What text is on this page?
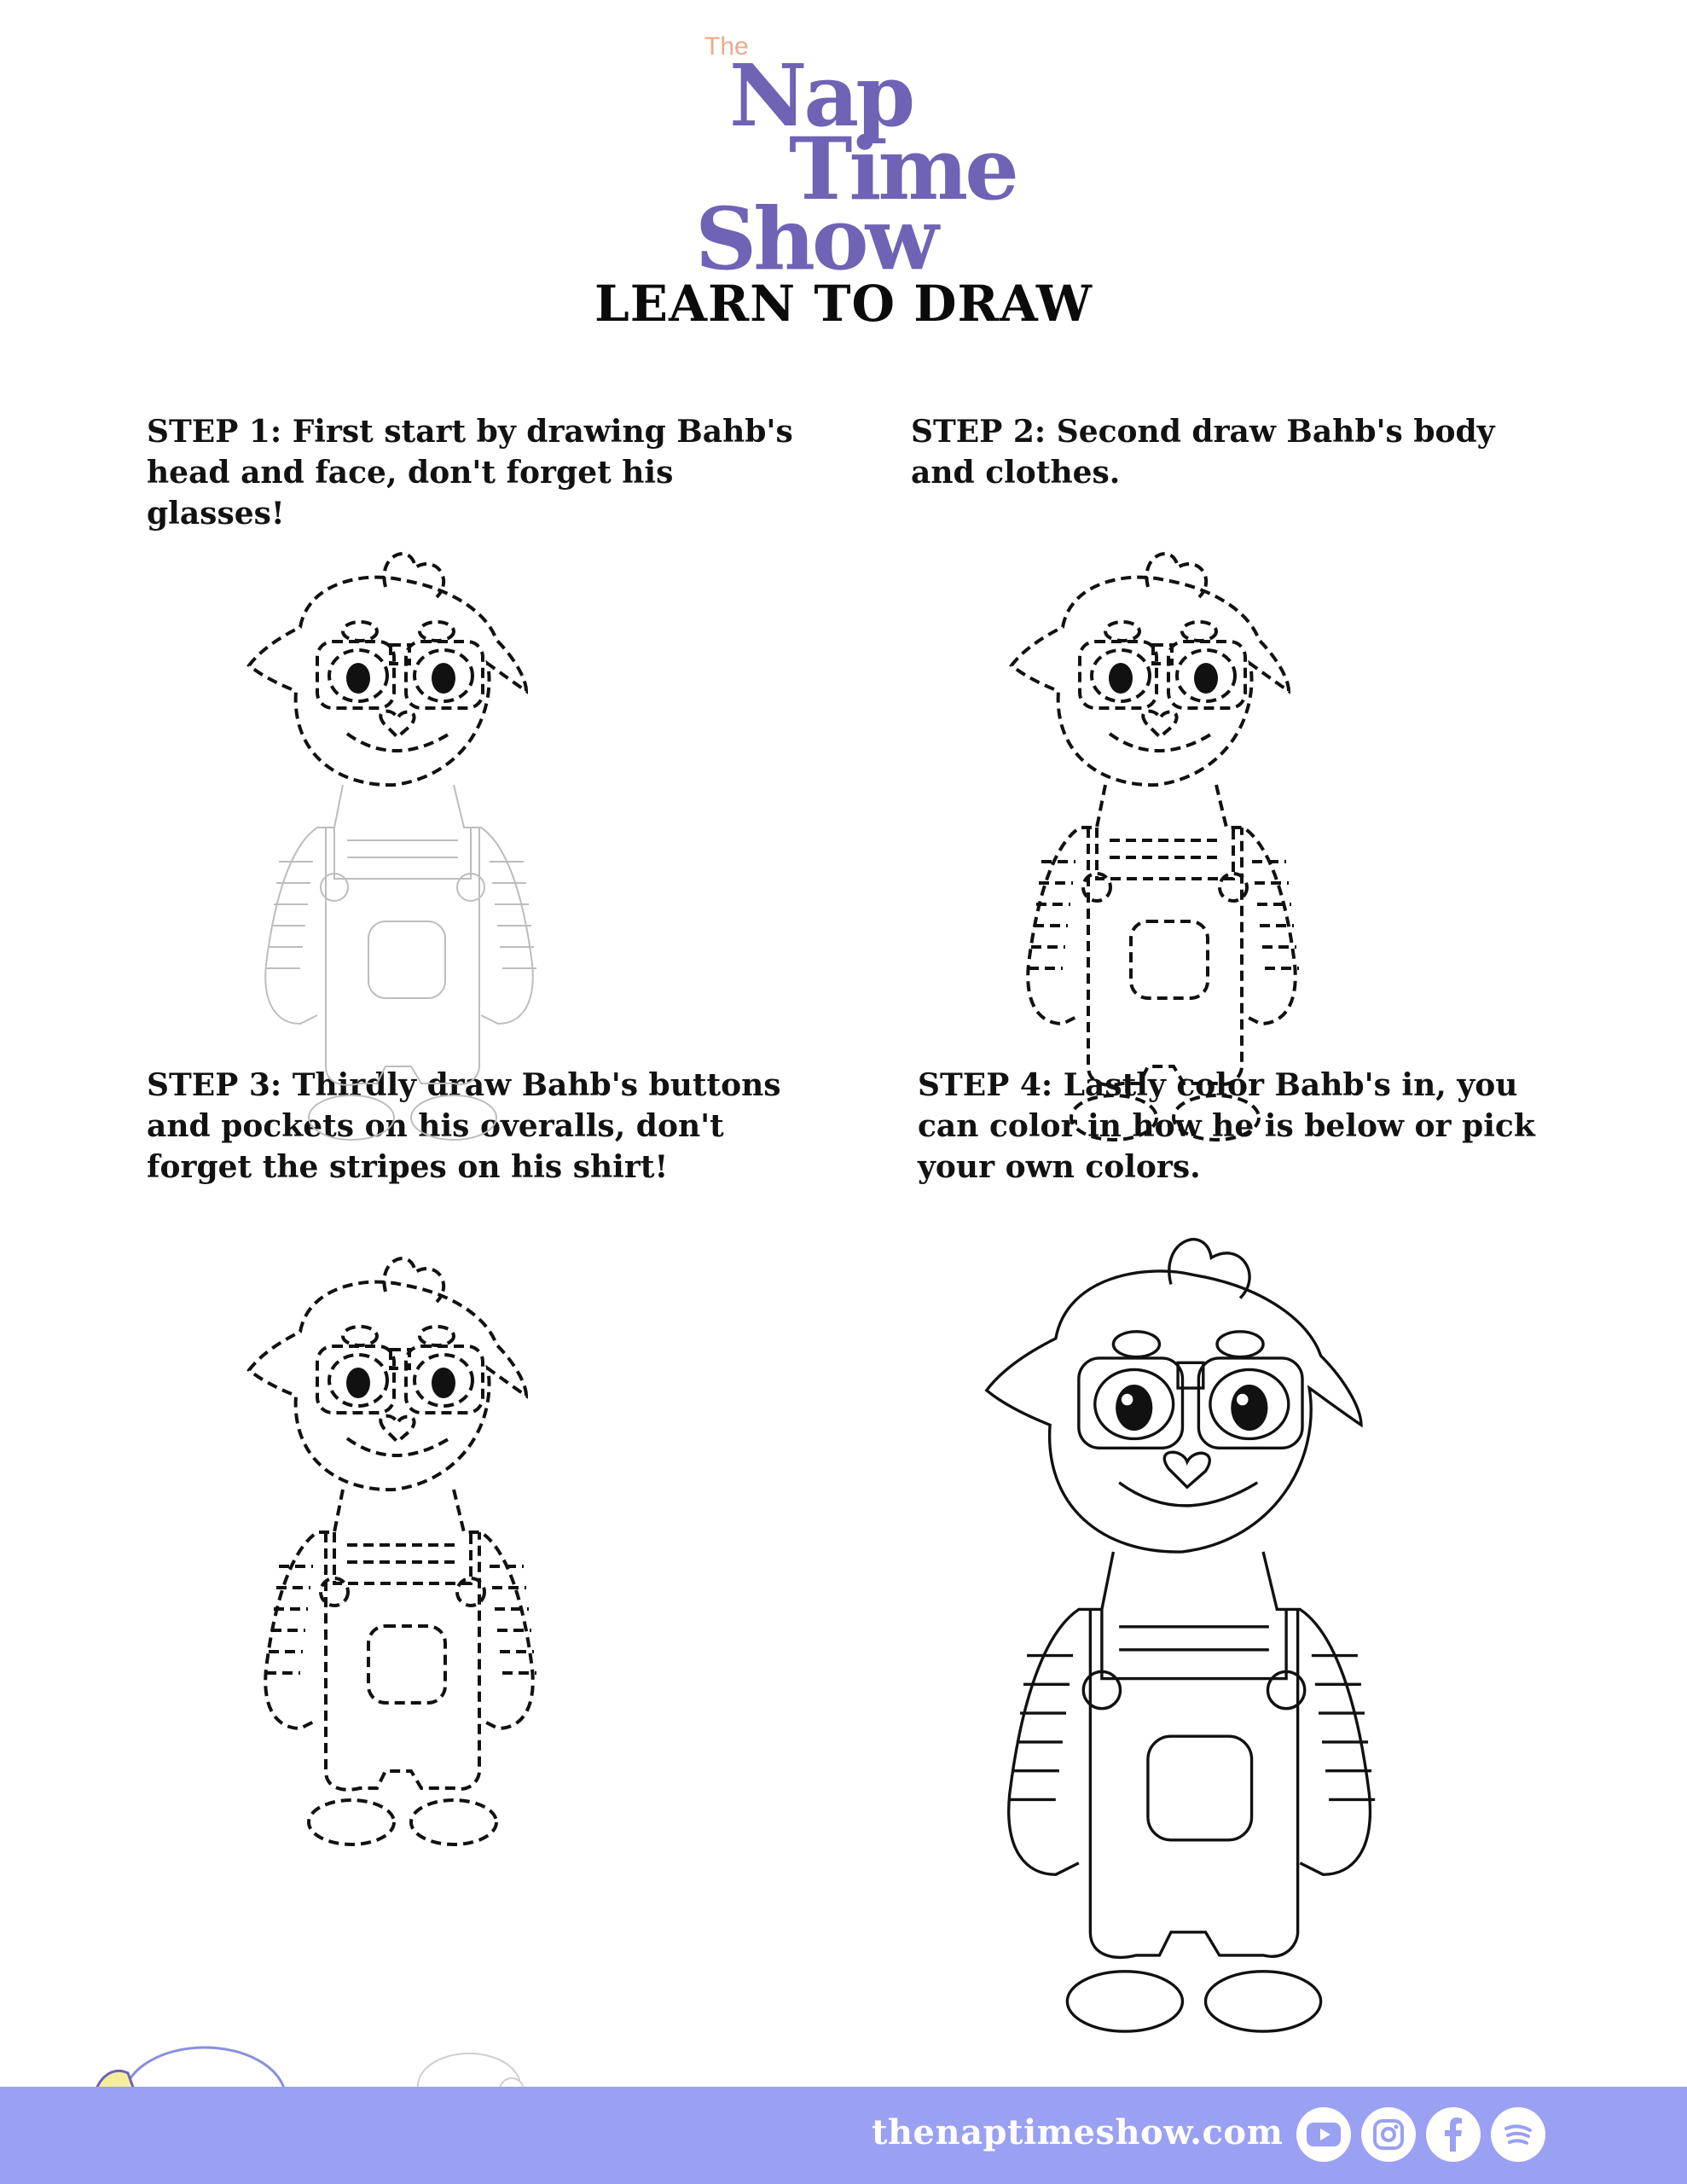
The
Nap
Time
Show
LEARN TO DRAW
STEP 1: First start by drawing Bahb's head and face, don't forget his glasses!
STEP 2: Second draw Bahb's body and clothes.
STEP 3: Thirdly draw Bahb's buttons and pockets on his overalls, don't forget the stripes on his shirt!
STEP 4: Lastly color Bahb's in, you can color in how he is below or pick your own colors.
thenaptimeshow.com
